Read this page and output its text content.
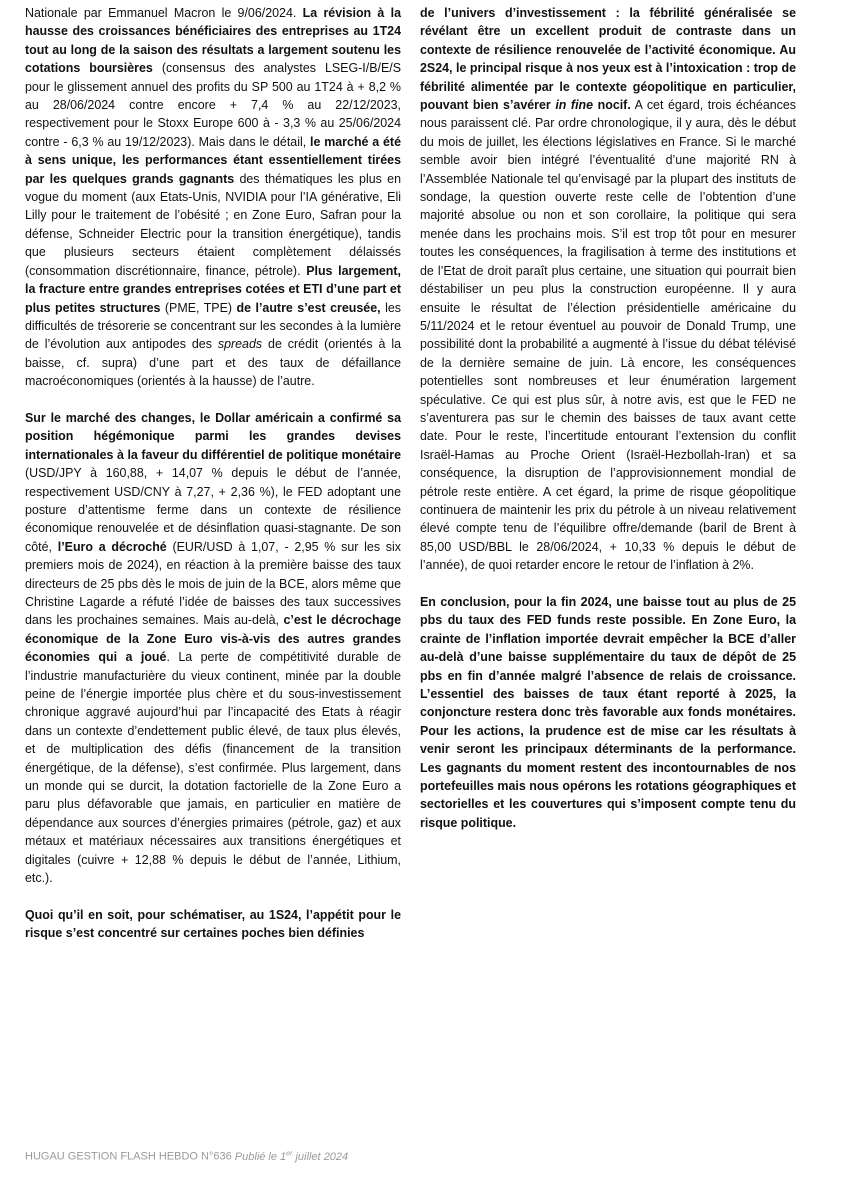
Nationale par Emmanuel Macron le 9/06/2024. La révision à la hausse des croissances bénéficiaires des entreprises au 1T24 tout au long de la saison des résultats a largement soutenu les cotations boursières (consensus des analystes LSEG-I/B/E/S pour le glissement annuel des profits du SP 500 au 1T24 à + 8,2 % au 28/06/2024 contre encore + 7,4 % au 22/12/2023, respectivement pour le Stoxx Europe 600 à - 3,3 % au 25/06/2024 contre - 6,3 % au 19/12/2023). Mais dans le détail, le marché a été à sens unique, les performances étant essentiellement tirées par les quelques grands gagnants des thématiques les plus en vogue du moment (aux Etats-Unis, NVIDIA pour l’IA générative, Eli Lilly pour le traitement de l’obésité ; en Zone Euro, Safran pour la défense, Schneider Electric pour la transition énergétique), tandis que plusieurs secteurs étaient complètement délaissés (consommation discrétionnaire, finance, pétrole). Plus largement, la fracture entre grandes entreprises cotées et ETI d’une part et plus petites structures (PME, TPE) de l’autre s’est creusée, les difficultés de trésorerie se concentrant sur les secondes à la lumière de l’évolution aux antipodes des spreads de crédit (orientés à la baisse, cf. supra) d’une part et des taux de défaillance macroéconomiques (orientés à la hausse) de l’autre.

Sur le marché des changes, le Dollar américain a confirmé sa position hégémonique parmi les grandes devises internationales à la faveur du différentiel de politique monétaire (USD/JPY à 160,88, + 14,07 % depuis le début de l’année, respectivement USD/CNY à 7,27, + 2,36 %), le FED adoptant une posture d’attentisme ferme dans un contexte de résilience économique renouvelée et de désinflation quasi-stagnante. De son côté, l’Euro a décroché (EUR/USD à 1,07, - 2,95 % sur les six premiers mois de 2024), en réaction à la première baisse des taux directeurs de 25 pbs dès le mois de juin de la BCE, alors même que Christine Lagarde a réfuté l’idée de baisses des taux successives dans les prochaines semaines. Mais au-delà, c’est le décrochage économique de la Zone Euro vis-à-vis des autres grandes économies qui a joué. La perte de compétitivité durable de l’industrie manufacturière du vieux continent, minée par la double peine de l’énergie importée plus chère et du sous-investissement chronique aggravé aujourd’hui par l’incapacité des Etats à réagir dans un contexte d’endettement public élevé, de taux plus élevés, et de multiplication des défis (financement de la transition énergétique, de la défense), s’est confirmée. Plus largement, dans un monde qui se durcit, la dotation factorielle de la Zone Euro a paru plus défavorable que jamais, en particulier en matière de dépendance aux sources d’énergies primaires (pétrole, gaz) et aux métaux et matériaux nécessaires aux transitions énergétiques et digitales (cuivre + 12,88 % depuis le début de l’année, Lithium, etc.).

Quoi qu’il en soit, pour schématiser, au 1S24, l’appétit pour le risque s’est concentré sur certaines poches bien définies

de l’univers d’investissement : la fébrilité généralisée se révélant être un excellent produit de contraste dans un contexte de résilience renouvelée de l’activité économique. Au 2S24, le principal risque à nos yeux est à l’intoxication : trop de fébrilité alimentée par le contexte géopolitique en particulier, pouvant bien s’avérer in fine nocif. A cet égard, trois échéances nous paraissent clé. Par ordre chronologique, il y aura, dès le début du mois de juillet, les élections législatives en France. Si le marché semble avoir bien intégré l’éventualité d’une majorité RN à l’Assemblée Nationale tel qu’envisagé par la plupart des instituts de sondage, la question ouverte reste celle de l’obtention d’une majorité absolue ou non et son corollaire, la politique qui sera menée dans les prochains mois. S’il est trop tôt pour en mesurer toutes les conséquences, la fragilisation à terme des institutions et de l’Etat de droit paraît plus certaine, une situation qui pourrait bien déstabiliser un peu plus la construction européenne. Il y aura ensuite le résultat de l’élection présidentielle américaine du 5/11/2024 et le retour éventuel au pouvoir de Donald Trump, une possibilité dont la probabilité a augmenté à l’issue du débat télévisé de la dernière semaine de juin. Là encore, les conséquences potentielles sont nombreuses et leur énumération largement spéculative. Ce qui est plus sûr, à notre avis, est que le FED ne s’aventurera pas sur le chemin des baisses de taux avant cette date. Pour le reste, l’incertitude entourant l’extension du conflit Israël-Hamas au Proche Orient (Israël-Hezbollah-Iran) et sa conséquence, la disruption de l’approvisionnement mondial de pétrole reste entière. A cet égard, la prime de risque géopolitique continuera de maintenir les prix du pétrole à un niveau relativement élevé compte tenu de l’équilibre offre/demande (baril de Brent à 85,00 USD/BBL le 28/06/2024, + 10,33 % depuis le début de l’année), de quoi retarder encore le retour de l’inflation à 2%.

En conclusion, pour la fin 2024, une baisse tout au plus de 25 pbs du taux des FED funds reste possible. En Zone Euro, la crainte de l’inflation importée devrait empêcher la BCE d’aller au-delà d’une baisse supplémentaire du taux de dépôt de 25 pbs en fin d’année malgré l’absence de relais de croissance. L’essentiel des baisses de taux étant reporté à 2025, la conjoncture restera donc très favorable aux fonds monétaires. Pour les actions, la prudence est de mise car les résultats à venir seront les principaux déterminants de la performance. Les gagnants du moment restent des incontournables de nos portefeuilles mais nous opérons les rotations géographiques et sectorielles et les couvertures qui s’imposent compte tenu du risque politique.

HUGAU GESTION FLASH HEBDO N°636 Publié le 1er juillet 2024
